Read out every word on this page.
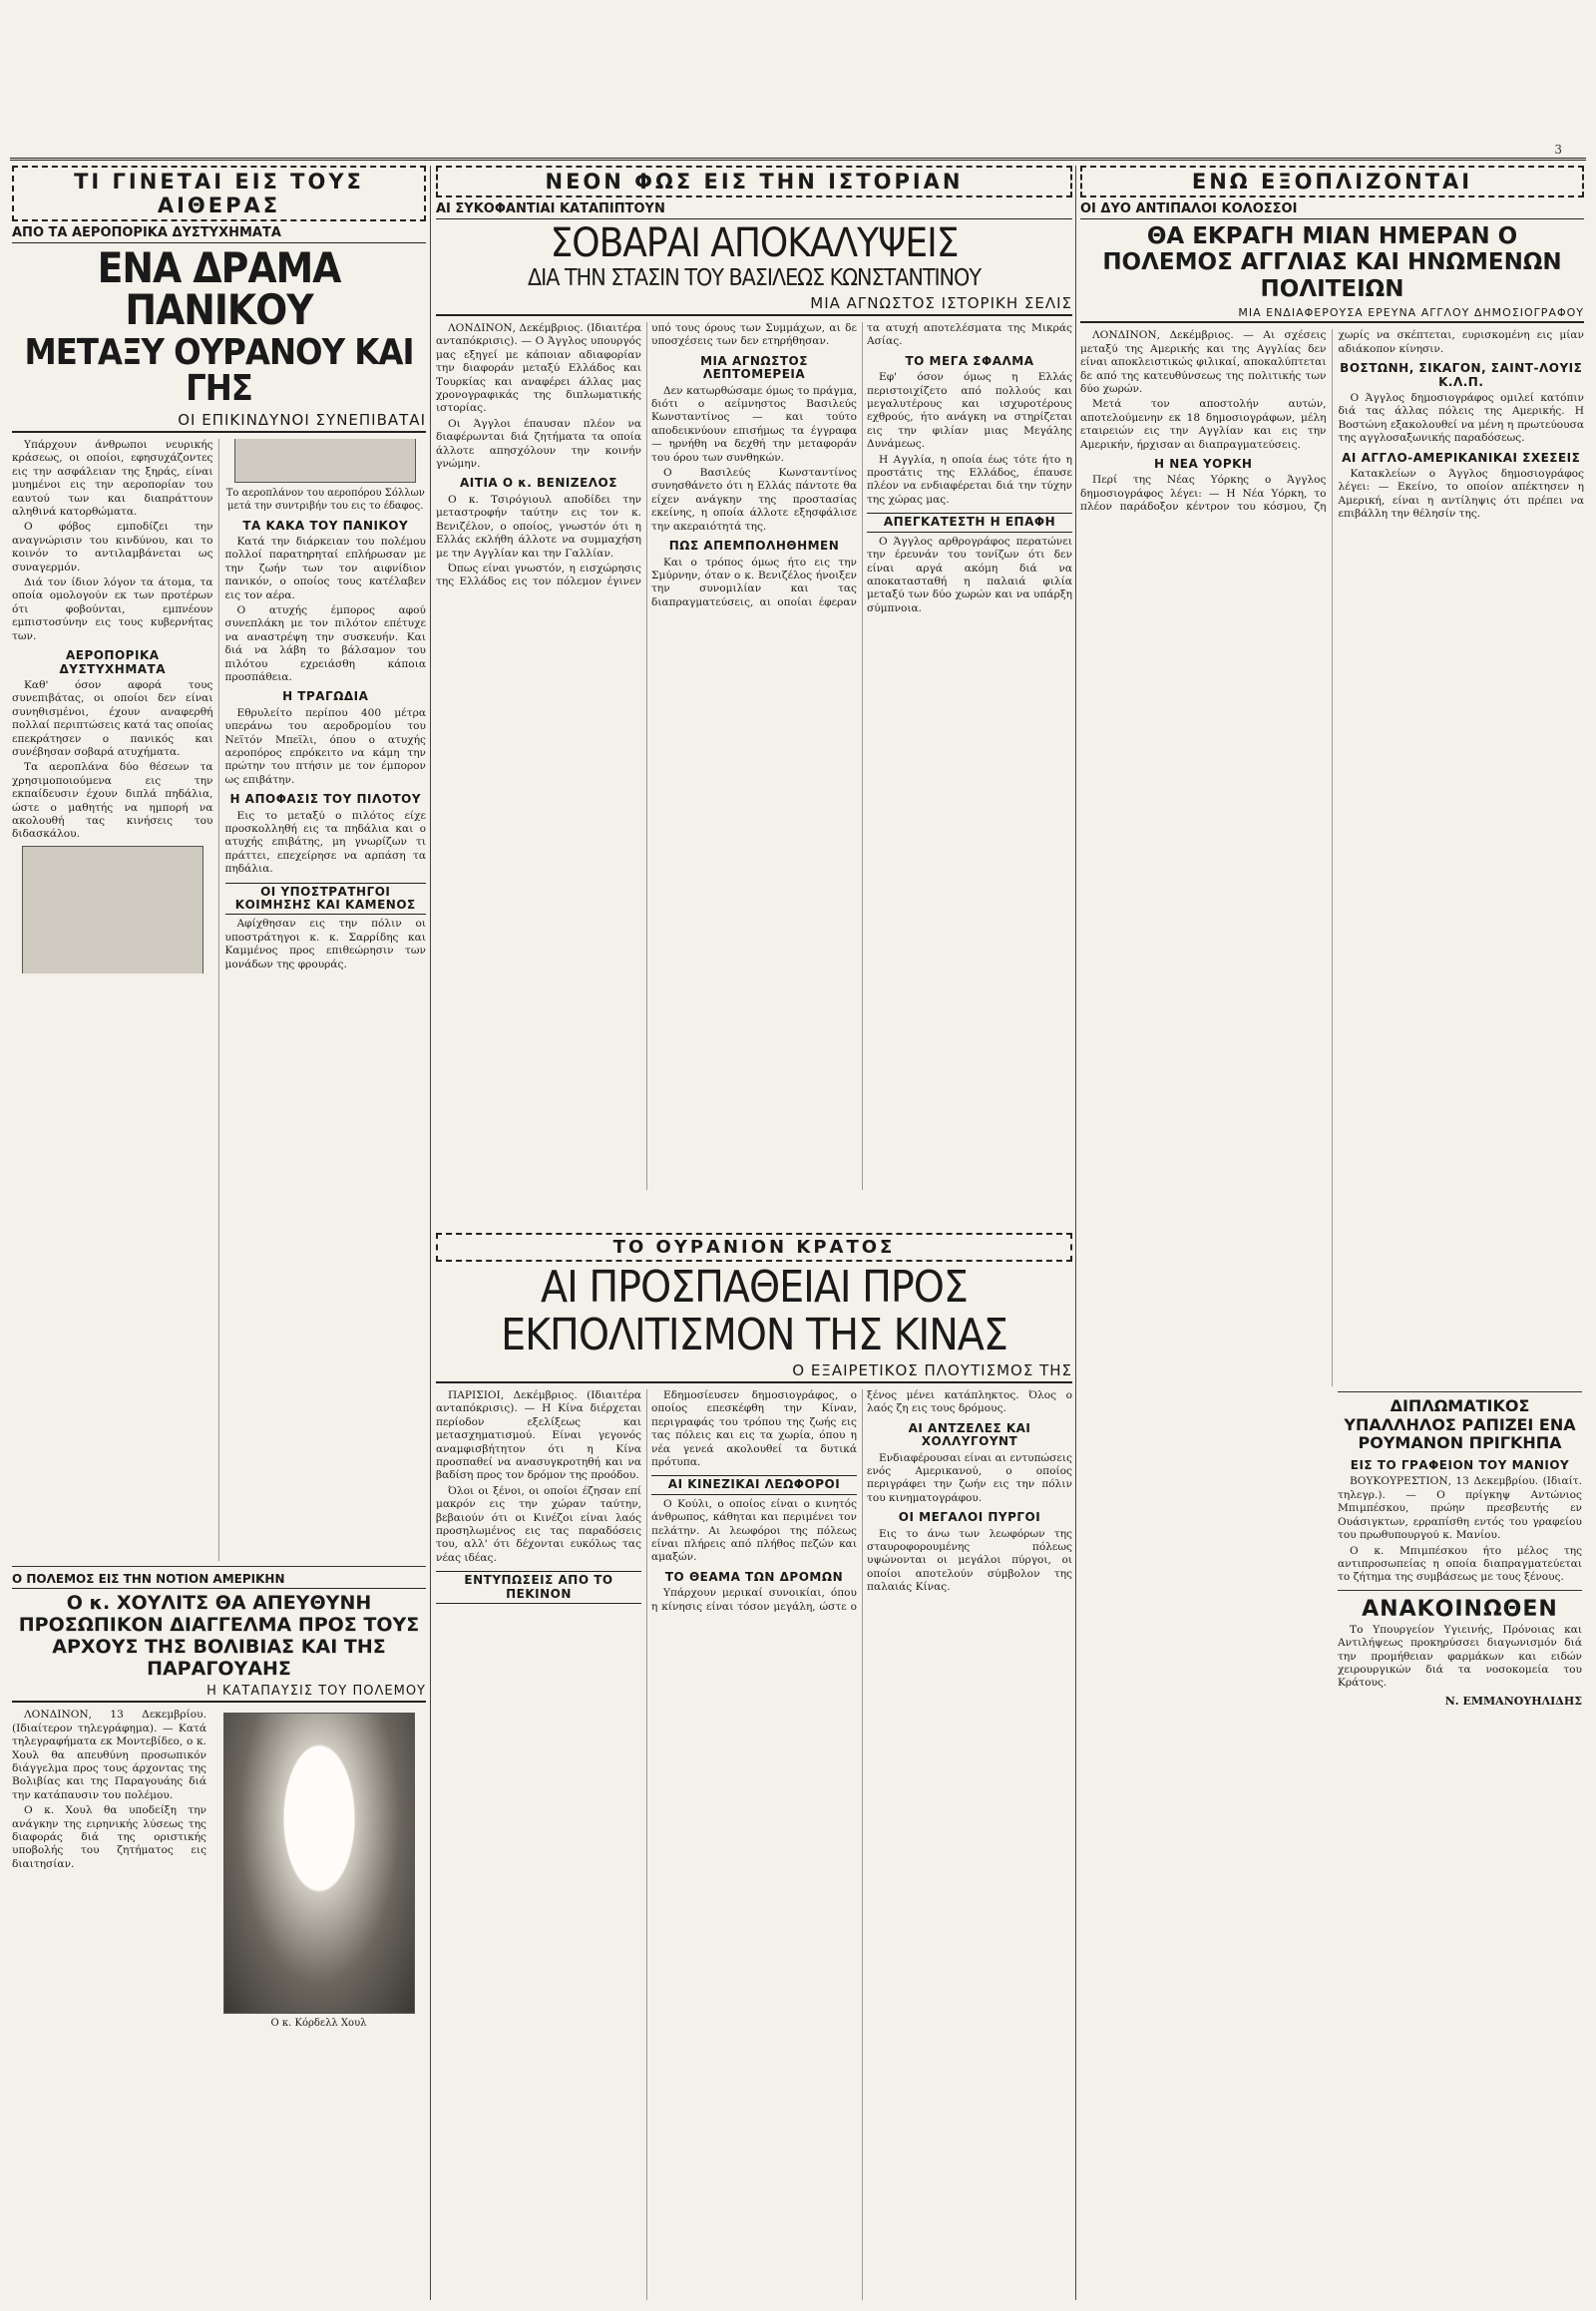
3
ΤΙ ΓΙΝΕΤΑΙ ΕΙΣ ΤΟΥΣ ΑΙΘΕΡΑΣ
ΑΠΟ ΤΑ ΑΕΡΟΠΟΡΙΚΑ ΔΥΣΤΥΧΗΜΑΤΑ
ΕΝΑ ΔΡΑΜΑ ΠΑΝΙΚΟΥ
ΜΕΤΑΞΥ ΟΥΡΑΝΟΥ ΚΑΙ ΓΗΣ
ΟΙ ΕΠΙΚΙΝΔΥΝΟΙ ΣΥΝΕΠΙΒΑΤΑΙ

Υπάρχουν άνθρωποι νευρικής κράσεως, οι οποίοι, εφησυχάζοντες εις την ασφάλειαν της ξηράς, είναι μυημένοι εις την αεροπορίαν του εαυτού των και διαπράττουν αληθινά κατορθώματα.

Ο φόβος εμποδίζει την αναγνώρισιν του κινδύνου, και το κοινόν το αντιλαμβάνεται ως συναγερμόν.

Διά τον ίδιον λόγον τα άτομα, τα οποία ομολογούν εκ των προτέρων ότι φοβούνται, εμπνέουν εμπιστοσύνην εις τους κυβερνήτας των.

ΑΕΡΟΠΟΡΙΚΑ ΔΥΣΤΥΧΗΜΑΤΑ

Καθ' όσον αφορά τους συνεπιβάτας, οι οποίοι δεν είναι συνηθισμένοι, έχουν αναφερθή πολλαί περιπτώσεις κατά τας οποίας επεκράτησεν ο πανικός και συνέβησαν σοβαρά ατυχήματα.

Τα αεροπλάνα δύο θέσεων τα χρησιμοποιούμενα εις την εκπαίδευσιν έχουν διπλά πηδάλια, ώστε ο μαθητής να ημπορή να ακολουθή τας κινήσεις του διδασκάλου.

Το αεροπλάνον του αεροπόρου Σόλλων μετά την συντριβήν του εις το έδαφος.
ΤΑ ΚΑΚΑ ΤΟΥ ΠΑΝΙΚΟΥ

Κατά την διάρκειαν του πολέμου πολλοί παρατηρηταί επλήρωσαν με την ζωήν των τον αιφνίδιον πανικόν, ο οποίος τους κατέλαβεν εις τον αέρα.

Ο ατυχής έμπορος αφού συνεπλάκη με τον πιλότον επέτυχε να αναστρέψη την συσκευήν. Και διά να λάβη το βάλσαμον του πιλότου εχρειάσθη κάποια προσπάθεια.

Η ΤΡΑΓΩΔΙΑ

Εθρυλείτο περίπου 400 μέτρα υπεράνω του αεροδρομίου του Νεϊτόν Μπεϊλι, όπου ο ατυχής αεροπόρος επρόκειτο να κάμη την πρώτην του πτήσιν με τον έμπορον ως επιβάτην.

Η ΑΠΟΦΑΣΙΣ ΤΟΥ ΠΙΛΟΤΟΥ

Εις το μεταξύ ο πιλότος είχε προσκολληθή εις τα πηδάλια και ο ατυχής επιβάτης, μη γνωρίζων τι πράττει, επεχείρησε να αρπάση τα πηδάλια.

ΟΙ ΥΠΟΣΤΡΑΤΗΓΟΙ ΚΟΙΜΗΣΗΣ ΚΑΙ ΚΑΜΕΝΟΣ

Αφίχθησαν εις την πόλιν οι υποστράτηγοι κ. κ. Σαρρίδης και Καμμένος προς επιθεώρησιν των μονάδων της φρουράς.

Ο ΠΟΛΕΜΟΣ ΕΙΣ ΤΗΝ ΝΟΤΙΟΝ ΑΜΕΡΙΚΗΝ
Ο κ. ΧΟΥΛΙΤΣ ΘΑ ΑΠΕΥΘΥΝΗ ΠΡΟΣΩΠΙΚΟΝ ΔΙΑΓΓΕΛΜΑ ΠΡΟΣ ΤΟΥΣ ΑΡΧΟΥΣ ΤΗΣ ΒΟΛΙΒΙΑΣ ΚΑΙ ΤΗΣ ΠΑΡΑΓΟΥΑΗΣ
Η ΚΑΤΑΠΑΥΣΙΣ ΤΟΥ ΠΟΛΕΜΟΥ

ΛΟΝΔΙΝΟΝ, 13 Δεκεμβρίου. (Ιδιαίτερον τηλεγράφημα). — Κατά τηλεγραφήματα εκ Μοντεβίδεο, ο κ. Χουλ θα απευθύνη προσωπικόν διάγγελμα προς τους άρχοντας της Βολιβίας και της Παραγουάης διά την κατάπαυσιν του πολέμου.

Ο κ. Χουλ θα υποδείξη την ανάγκην της ειρηνικής λύσεως της διαφοράς διά της οριστικής υποβολής του ζητήματος εις διαιτησίαν.

Ο κ. Κόρδελλ Χουλ
ΝΕΟΝ ΦΩΣ ΕΙΣ ΤΗΝ ΙΣΤΟΡΙΑΝ
ΑΙ ΣΥΚΟΦΑΝΤΙΑΙ ΚΑΤΑΠΙΠΤΟΥΝ
ΣΟΒΑΡΑΙ ΑΠΟΚΑΛΥΨΕΙΣ
ΔΙΑ ΤΗΝ ΣΤΑΣΙΝ ΤΟΥ ΒΑΣΙΛΕΩΣ ΚΩΝΣΤΑΝΤΙΝΟΥ
ΜΙΑ ΑΓΝΩΣΤΟΣ ΙΣΤΟΡΙΚΗ ΣΕΛΙΣ

ΛΟΝΔΙΝΟΝ, Δεκέμβριος. (Ιδιαιτέρα ανταπόκρισις). — Ο Άγγλος υπουργός μας εξηγεί με κάποιαν αδιαφορίαν την διαφοράν μεταξύ Ελλάδος και Τουρκίας και αναφέρει άλλας μας χρονογραφικάς της διπλωματικής ιστορίας.

Οι Άγγλοι έπαυσαν πλέον να διαφέρωνται διά ζητήματα τα οποία άλλοτε απησχόλουν την κοινήν γνώμην.

ΑΙΤΙΑ Ο κ. ΒΕΝΙΖΕΛΟΣ

Ο κ. Τσιρόγιουλ αποδίδει την μεταστροφήν ταύτην εις τον κ. Βενιζέλον, ο οποίος, γνωστόν ότι η Ελλάς εκλήθη άλλοτε να συμμαχήση με την Αγγλίαν και την Γαλλίαν.

Όπως είναι γνωστόν, η εισχώρησις της Ελλάδος εις τον πόλεμον έγινεν υπό τους όρους των Συμμάχων, αι δε υποσχέσεις των δεν ετηρήθησαν.

ΜΙΑ ΑΓΝΩΣΤΟΣ ΛΕΠΤΟΜΕΡΕΙΑ

Δεν κατωρθώσαμε όμως το πράγμα, διότι ο αείμνηστος Βασιλεύς Κωνσταντίνος — και τούτο αποδεικνύουν επισήμως τα έγγραφα — ηρνήθη να δεχθή την μεταφοράν του όρου των συνθηκών.

Ο Βασιλεύς Κωνσταντίνος συνησθάνετο ότι η Ελλάς πάντοτε θα είχεν ανάγκην της προστασίας εκείνης, η οποία άλλοτε εξησφάλισε την ακεραιότητά της.

ΠΩΣ ΑΠΕΜΠΟΛΗΘΗΜΕΝ

Και ο τρόπος όμως ήτο εις την Σμύρνην, όταν ο κ. Βενιζέλος ήνοιξεν την συνομιλίαν και τας διαπραγματεύσεις, αι οποίαι έφεραν τα ατυχή αποτελέσματα της Μικράς Ασίας.

ΤΟ ΜΕΓΑ ΣΦΑΛΜΑ

Εφ' όσον όμως η Ελλάς περιστοιχίζετο από πολλούς και μεγαλυτέρους και ισχυροτέρους εχθρούς, ήτο ανάγκη να στηρίζεται εις την φιλίαν μιας Μεγάλης Δυνάμεως.

Η Αγγλία, η οποία έως τότε ήτο η προστάτις της Ελλάδος, έπαυσε πλέον να ενδιαφέρεται διά την τύχην της χώρας μας.

ΑΠΕΓΚΑΤΕΣΤΗ Η ΕΠΑΦΗ

Ο Άγγλος αρθρογράφος περατώνει την έρευνάν του τονίζων ότι δεν είναι αργά ακόμη διά να αποκατασταθή η παλαιά φιλία μεταξύ των δύο χωρών και να υπάρξη σύμπνοια.

ΤΟ ΟΥΡΑΝΙΟΝ ΚΡΑΤΟΣ
ΑΙ ΠΡΟΣΠΑΘΕΙΑΙ ΠΡΟΣ
ΕΚΠΟΛΙΤΙΣΜΟΝ ΤΗΣ ΚΙΝΑΣ
Ο ΕΞΑΙΡΕΤΙΚΟΣ ΠΛΟΥΤΙΣΜΟΣ ΤΗΣ

ΠΑΡΙΣΙΟΙ, Δεκέμβριος. (Ιδιαιτέρα ανταπόκρισις). — Η Κίνα διέρχεται περίοδον εξελίξεως και μετασχηματισμού. Είναι γεγονός αναμφισβήτητον ότι η Κίνα προσπαθεί να ανασυγκροτηθή και να βαδίση προς τον δρόμον της προόδου.

Όλοι οι ξένοι, οι οποίοι έζησαν επί μακρόν εις την χώραν ταύτην, βεβαιούν ότι οι Κινέζοι είναι λαός προσηλωμένος εις τας παραδόσεις του, αλλ' ότι δέχονται ευκόλως τας νέας ιδέας.

ΕΝΤΥΠΩΣΕΙΣ ΑΠΟ ΤΟ ΠΕΚΙΝΟΝ

Εδημοσίευσεν δημοσιογράφος, ο οποίος επεσκέφθη την Κίναν, περιγραφάς του τρόπου της ζωής εις τας πόλεις και εις τα χωρία, όπου η νέα γενεά ακολουθεί τα δυτικά πρότυπα.

ΑΙ ΚΙΝΕΖΙΚΑΙ ΛΕΩΦΟΡΟΙ

Ο Κούλι, ο οποίος είναι ο κινητός άνθρωπος, κάθηται και περιμένει τον πελάτην. Αι λεωφόροι της πόλεως είναι πλήρεις από πλήθος πεζών και αμαξών.

ΤΟ ΘΕΑΜΑ ΤΩΝ ΔΡΟΜΩΝ

Υπάρχουν μερικαί συνοικίαι, όπου η κίνησις είναι τόσον μεγάλη, ώστε ο ξένος μένει κατάπληκτος. Όλος ο λαός ζη εις τους δρόμους.

ΑΙ ΑΝΤΖΕΛΕΣ ΚΑΙ ΧΟΛΛΥΓΟΥΝΤ

Ενδιαφέρουσαι είναι αι εντυπώσεις ενός Αμερικανού, ο οποίος περιγράφει την ζωήν εις την πόλιν του κινηματογράφου.

ΟΙ ΜΕΓΑΛΟΙ ΠΥΡΓΟΙ

Εις το άνω των λεωφόρων της σταυροφορουμένης πόλεως υψώνονται οι μεγάλοι πύργοι, οι οποίοι αποτελούν σύμβολον της παλαιάς Κίνας.

ΕΝΩ ΕΞΟΠΛΙΖΟΝΤΑΙ
ΟΙ ΔΥΟ ΑΝΤΙΠΑΛΟΙ ΚΟΛΟΣΣΟΙ
ΘΑ ΕΚΡΑΓΗ ΜΙΑΝ ΗΜΕΡΑΝ Ο ΠΟΛΕΜΟΣ ΑΓΓΛΙΑΣ ΚΑΙ ΗΝΩΜΕΝΩΝ ΠΟΛΙΤΕΙΩΝ
ΜΙΑ ΕΝΔΙΑΦΕΡΟΥΣΑ ΕΡΕΥΝΑ ΑΓΓΛΟΥ ΔΗΜΟΣΙΟΓΡΑΦΟΥ

ΛΟΝΔΙΝΟΝ, Δεκέμβριος. — Αι σχέσεις μεταξύ της Αμερικής και της Αγγλίας δεν είναι αποκλειστικώς φιλικαί, αποκαλύπτεται δε από της κατευθύνσεως της πολιτικής των δύο χωρών.

Μετά τον αποστολήν αυτών, αποτελούμενην εκ 18 δημοσιογράφων, μέλη εταιρειών εις την Αγγλίαν και εις την Αμερικήν, ήρχισαν αι διαπραγματεύσεις.

Η ΝΕΑ ΥΟΡΚΗ

Περί της Νέας Υόρκης ο Άγγλος δημοσιογράφος λέγει: — Η Νέα Υόρκη, το πλέον παράδοξον κέντρον του κόσμου, ζη χωρίς να σκέπτεται, ευρισκομένη εις μίαν αδιάκοπον κίνησιν.

ΒΟΣΤΩΝΗ, ΣΙΚΑΓΟΝ, ΣΑΙΝΤ-ΛΟΥΙΣ Κ.Λ.Π.

Ο Άγγλος δημοσιογράφος ομιλεί κατόπιν διά τας άλλας πόλεις της Αμερικής. Η Βοστώνη εξακολουθεί να μένη η πρωτεύουσα της αγγλοσαξωνικής παραδόσεως.

ΑΙ ΑΓΓΛΟ-ΑΜΕΡΙΚΑΝΙΚΑΙ ΣΧΕΣΕΙΣ

Κατακλείων ο Άγγλος δημοσιογράφος λέγει: — Εκείνο, το οποίον απέκτησεν η Αμερική, είναι η αντίληψις ότι πρέπει να επιβάλλη την θέλησίν της.

ΔΙΠΛΩΜΑΤΙΚΟΣ ΥΠΑΛΛΗΛΟΣ ΡΑΠΙΖΕΙ ΕΝΑ ΡΟΥΜΑΝΟΝ ΠΡΙΓΚΗΠΑ
ΕΙΣ ΤΟ ΓΡΑΦΕΙΟΝ ΤΟΥ ΜΑΝΙΟΥ

ΒΟΥΚΟΥΡΕΣΤΙΟΝ, 13 Δεκεμβρίου. (Ιδιαίτ. τηλεγρ.). — Ο πρίγκηψ Αντώνιος Μπιμπέσκου, πρώην πρεσβευτής εν Ουάσιγκτων, ερραπίσθη εντός του γραφείου του πρωθυπουργού κ. Μανίου.

Ο κ. Μπιμπέσκου ήτο μέλος της αντιπροσωπείας η οποία διαπραγματεύεται το ζήτημα της συμβάσεως με τους ξένους.

ΑΝΑΚΟΙΝΩΘΕΝ

Το Υπουργείον Υγιεινής, Πρόνοιας και Αντιλήψεως προκηρύσσει διαγωνισμόν διά την προμήθειαν φαρμάκων και ειδών χειρουργικών διά τα νοσοκομεία του Κράτους.

Ν. ΕΜΜΑΝΟΥΗΛΙΔΗΣ
